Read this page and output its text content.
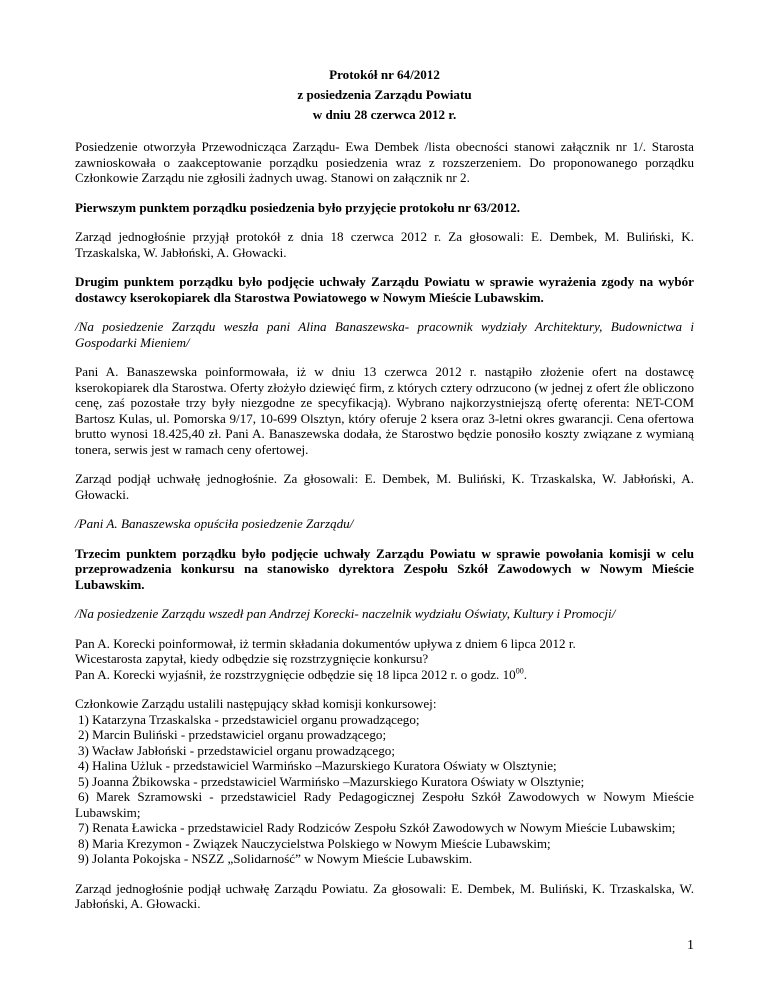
Protokół nr 64/2012
z posiedzenia Zarządu Powiatu
w dniu 28 czerwca 2012 r.

Posiedzenie otworzyła Przewodnicząca Zarządu- Ewa Dembek /lista obecności stanowi załącznik nr 1/. Starosta zawnioskowała o zaakceptowanie porządku posiedzenia wraz z rozszerzeniem. Do proponowanego porządku Członkowie Zarządu nie zgłosili żadnych uwag. Stanowi on załącznik nr 2.

Pierwszym punktem porządku posiedzenia było przyjęcie protokołu nr 63/2012.

Zarząd jednogłośnie przyjął protokół z dnia 18 czerwca 2012 r. Za głosowali: E. Dembek, M. Buliński, K. Trzaskalska, W. Jabłoński, A. Głowacki.

Drugim punktem porządku było podjęcie uchwały Zarządu Powiatu w sprawie wyrażenia zgody na wybór dostawcy kserokopiarek dla Starostwa Powiatowego w Nowym Mieście Lubawskim.

/Na posiedzenie Zarządu weszła pani Alina Banaszewska- pracownik wydziały Architektury, Budownictwa i Gospodarki Mieniem/

Pani A. Banaszewska poinformowała, iż w dniu 13 czerwca 2012 r. nastąpiło złożenie ofert na dostawcę kserokopiarek dla Starostwa. Oferty złożyło dziewięć firm, z których cztery odrzucono (w jednej z ofert źle obliczono cenę, zaś pozostałe trzy były niezgodne ze specyfikacją). Wybrano najkorzystniejszą ofertę oferenta: NET-COM Bartosz Kulas, ul. Pomorska 9/17, 10-699 Olsztyn, który oferuje 2 ksera oraz 3-letni okres gwarancji. Cena ofertowa brutto wynosi 18.425,40 zł. Pani A. Banaszewska dodała, że Starostwo będzie ponosiło koszty związane z wymianą tonera, serwis jest w ramach ceny ofertowej.

Zarząd podjął uchwałę jednogłośnie. Za głosowali: E. Dembek, M. Buliński, K. Trzaskalska, W. Jabłoński, A. Głowacki.

/Pani A. Banaszewska opuściła posiedzenie Zarządu/

Trzecim punktem porządku było podjęcie uchwały Zarządu Powiatu w sprawie powołania komisji w celu przeprowadzenia konkursu na stanowisko dyrektora Zespołu Szkół Zawodowych w Nowym Mieście Lubawskim.

/Na posiedzenie Zarządu wszedł pan Andrzej Korecki- naczelnik wydziału Oświaty, Kultury i Promocji/

Pan A. Korecki poinformował, iż termin składania dokumentów upływa z dniem 6 lipca 2012 r.
Wicestarosta zapytał, kiedy odbędzie się rozstrzygnięcie konkursu?
Pan A. Korecki wyjaśnił, że rozstrzygnięcie odbędzie się 18 lipca 2012 r. o godz. $10^{00}$.

Członkowie Zarządu ustalili następujący skład komisji konkursowej:
1) Katarzyna Trzaskalska - przedstawiciel organu prowadzącego;
2) Marcin Buliński - przedstawiciel organu prowadzącego;
3) Wacław Jabłoński - przedstawiciel organu prowadzącego;
4) Halina Użluk - przedstawiciel Warmińsko –Mazurskiego Kuratora Oświaty w Olsztynie;
5) Joanna Żbikowska - przedstawiciel Warmińsko –Mazurskiego Kuratora Oświaty w Olsztynie;
6) Marek Szramowski - przedstawiciel Rady Pedagogicznej Zespołu Szkół Zawodowych w Nowym Mieście Lubawskim;
7) Renata Ławicka - przedstawiciel Rady Rodziców Zespołu Szkół Zawodowych w Nowym Mieście Lubawskim;
8) Maria Krezymon - Związek Nauczycielstwa Polskiego w Nowym Mieście Lubawskim;
9) Jolanta Pokojska - NSZZ „Solidarność” w Nowym Mieście Lubawskim.

Zarząd jednogłośnie podjął uchwałę Zarządu Powiatu. Za głosowali: E. Dembek, M. Buliński, K. Trzaskalska, W. Jabłoński, A. Głowacki.

1
